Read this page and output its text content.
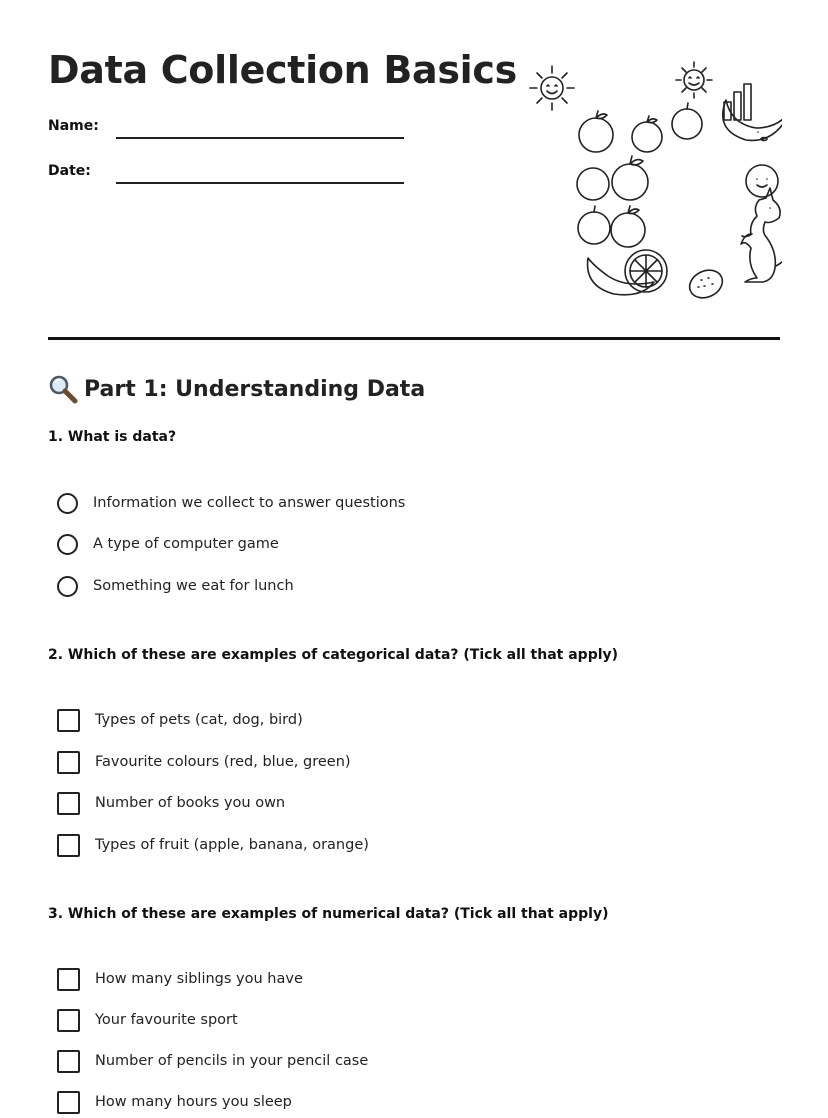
Data Collection Basics
Name:
Date:
Part 1: Understanding Data

1. What is data?

Information we collect to answer questions
A type of computer game
Something we eat for lunch

2. Which of these are examples of categorical data? (Tick all that apply)

Types of pets (cat, dog, bird)
Favourite colours (red, blue, green)
Number of books you own
Types of fruit (apple, banana, orange)

3. Which of these are examples of numerical data? (Tick all that apply)

How many siblings you have
Your favourite sport
Number of pencils in your pencil case
How many hours you sleep
